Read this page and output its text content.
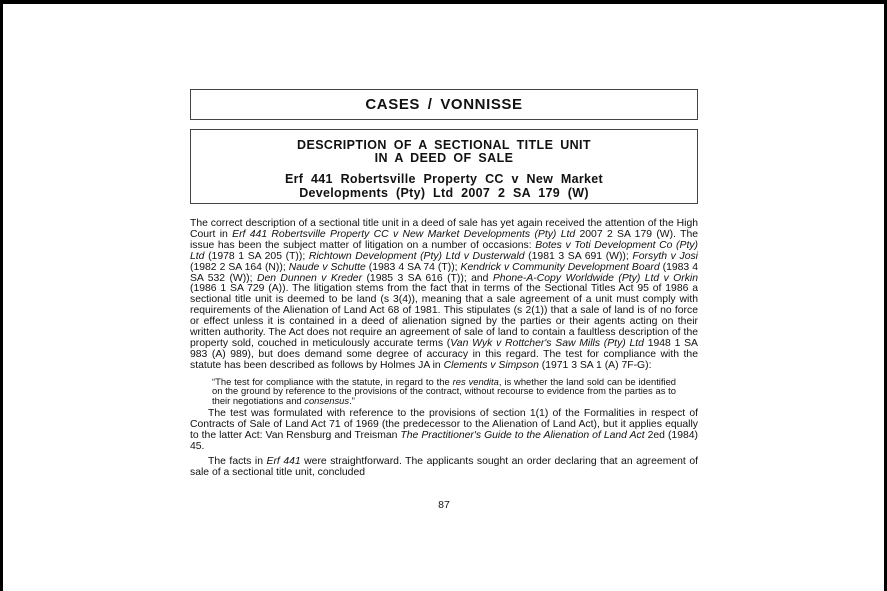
CASES / VONNISSE
DESCRIPTION OF A SECTIONAL TITLE UNIT
IN A DEED OF SALE
Erf 441 Robertsville Property CC v New Market
Developments (Pty) Ltd 2007 2 SA 179 (W)

The correct description of a sectional title unit in a deed of sale has yet again received the attention of the High Court in Erf 441 Robertsville Property CC v New Market Developments (Pty) Ltd 2007 2 SA 179 (W). The issue has been the subject matter of litigation on a number of occasions: Botes v Toti Development Co (Pty) Ltd (1978 1 SA 205 (T)); Richtown Development (Pty) Ltd v Dusterwald (1981 3 SA 691 (W)); Forsyth v Josi (1982 2 SA 164 (N)); Naude v Schutte (1983 4 SA 74 (T)); Kendrick v Community Development Board (1983 4 SA 532 (W)); Den Dunnen v Kreder (1985 3 SA 616 (T)); and Phone-A-Copy Worldwide (Pty) Ltd v Orkin (1986 1 SA 729 (A)). The litigation stems from the fact that in terms of the Sectional Titles Act 95 of 1986 a sectional title unit is deemed to be land (s 3(4)), meaning that a sale agreement of a unit must comply with requirements of the Alienation of Land Act 68 of 1981. This stipulates (s 2(1)) that a sale of land is of no force or effect unless it is contained in a deed of alienation signed by the parties or their agents acting on their written authority. The Act does not require an agreement of sale of land to contain a faultless description of the property sold, couched in meticulously accurate terms (Van Wyk v Rottcher's Saw Mills (Pty) Ltd 1948 1 SA 983 (A) 989), but does demand some degree of accuracy in this regard. The test for compliance with the statute has been described as follows by Holmes JA in Clements v Simpson (1971 3 SA 1 (A) 7F-G):

“The test for compliance with the statute, in regard to the res vendita, is whether the land sold can be identified on the ground by reference to the provisions of the contract, without recourse to evidence from the parties as to their negotiations and consensus.”

The test was formulated with reference to the provisions of section 1(1) of the Formalities in respect of Contracts of Sale of Land Act 71 of 1969 (the predecessor to the Alienation of Land Act), but it applies equally to the latter Act: Van Rensburg and Treisman The Practitioner's Guide to the Alienation of Land Act 2ed (1984) 45.

The facts in Erf 441 were straightforward. The applicants sought an order declaring that an agreement of sale of a sectional title unit, concluded

87
